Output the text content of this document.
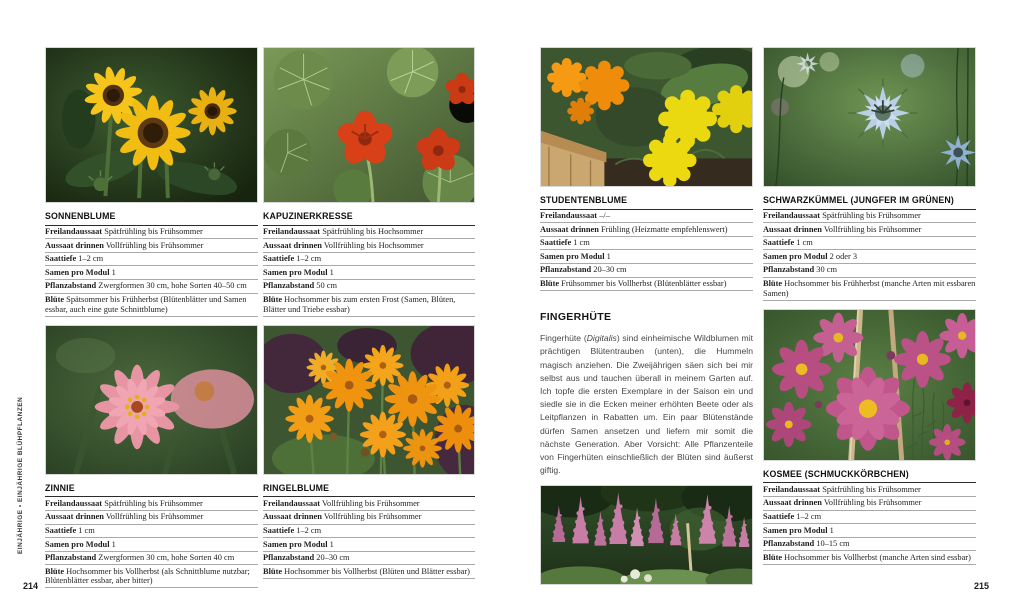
SONNENBLUME

Freilandaussaat Spätfrühling bis Frühsommer

Aussaat drinnen Vollfrühling bis Frühsommer

Saattiefe 1–2 cm

Samen pro Modul 1

Pflanzabstand Zwergformen 30 cm, hohe Sorten 40–50 cm

Blüte Spätsommer bis Frühherbst (Blütenblätter und Samen essbar, auch eine gute Schnittblume)

ZINNIE

Freilandaussaat Spätfrühling bis Frühsommer

Aussaat drinnen Vollfrühling bis Frühsommer

Saattiefe 1 cm

Samen pro Modul 1

Pflanzabstand Zwergformen 30 cm, hohe Sorten 40 cm

Blüte Hochsommer bis Vollherbst (als Schnittblume nutzbar; Blütenblätter essbar, aber bitter)

KAPUZINERKRESSE

Freilandaussaat Spätfrühling bis Hochsommer

Aussaat drinnen Vollfrühling bis Hochsommer

Saattiefe 1–2 cm

Samen pro Modul 1

Pflanzabstand 50 cm

Blüte Hochsommer bis zum ersten Frost (Samen, Blüten, Blätter und Triebe essbar)

RINGELBLUME

Freilandaussaat Vollfrühling bis Frühsommer

Aussaat drinnen Vollfrühling bis Frühsommer

Saattiefe 1–2 cm

Samen pro Modul 1

Pflanzabstand 20–30 cm

Blüte Hochsommer bis Vollherbst (Blüten und Blätter essbar)

STUDENTENBLUME

Freilandaussaat –/–

Aussaat drinnen Frühling (Heizmatte empfehlenswert)

Saattiefe 1 cm

Samen pro Modul 1

Pflanzabstand 20–30 cm

Blüte Frühsommer bis Vollherbst (Blütenblätter essbar)

FINGERHÜTE

Fingerhüte (Digitalis) sind einheimische Wildblumen mit prächtigen Blütentrauben (unten), die Hummeln magisch anziehen. Die Zweijährigen säen sich bei mir selbst aus und tauchen überall in meinem Garten auf. Ich topfe die ersten Exemplare in der Saison ein und siedle sie in die Ecken meiner erhöhten Beete oder als Leitpflanzen in Rabatten um. Ein paar Blütenstände dürfen Samen ansetzen und liefern mir somit die nächste Generation. Aber Vorsicht: Alle Pflanzenteile von Fingerhüten einschließlich der Blüten sind äußerst giftig.

SCHWARZKÜMMEL (JUNGFER IM GRÜNEN)

Freilandaussaat Spätfrühling bis Frühsommer

Aussaat drinnen Vollfrühling bis Frühsommer

Saattiefe 1 cm

Samen pro Modul 2 oder 3

Pflanzabstand 30 cm

Blüte Hochsommer bis Frühherbst (manche Arten mit essbaren Samen)

KOSMEE (SCHMUCKKÖRBCHEN)

Freilandaussaat Spätfrühling bis Frühsommer

Aussaat drinnen Vollfrühling bis Frühsommer

Saattiefe 1–2 cm

Samen pro Modul 1

Pflanzabstand 10–15 cm

Blüte Hochsommer bis Vollherbst (manche Arten sind essbar)

EINJÄHRIGE • EINJÄHRIGE BLÜHPFLANZEN
214	215
